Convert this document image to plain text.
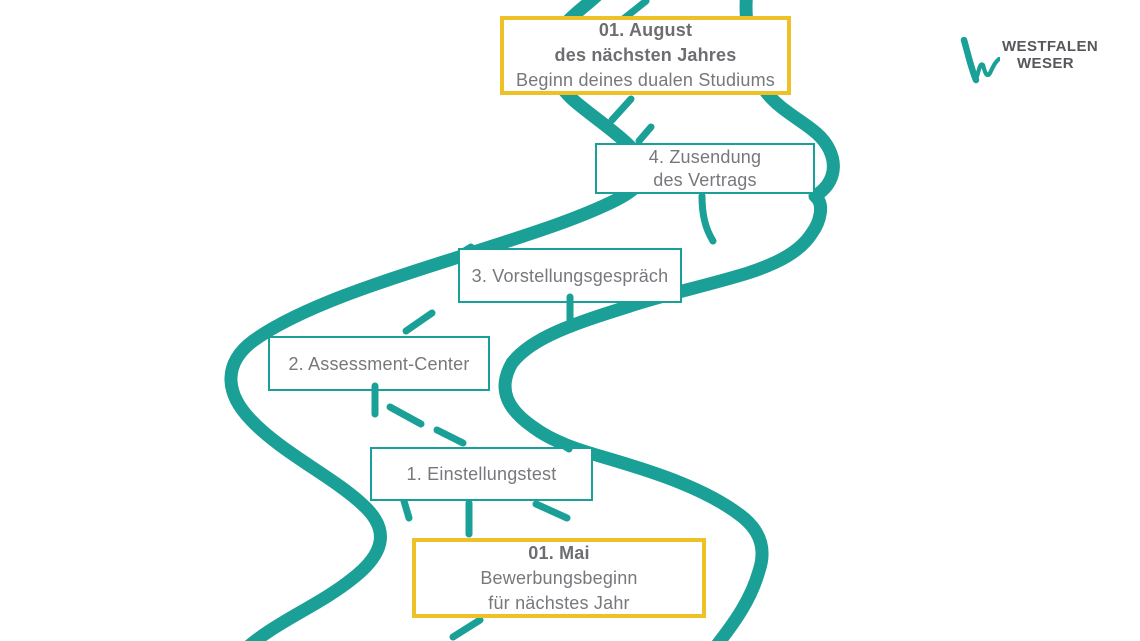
01. August
des nächsten Jahres
Beginn deines dualen Studiums
4. Zusendung
des Vertrags
3. Vorstellungsgespräch
2. Assessment-Center
1. Einstellungstest
01. Mai
Bewerbungsbeginn
für nächstes Jahr
WESTFALEN
WESER
